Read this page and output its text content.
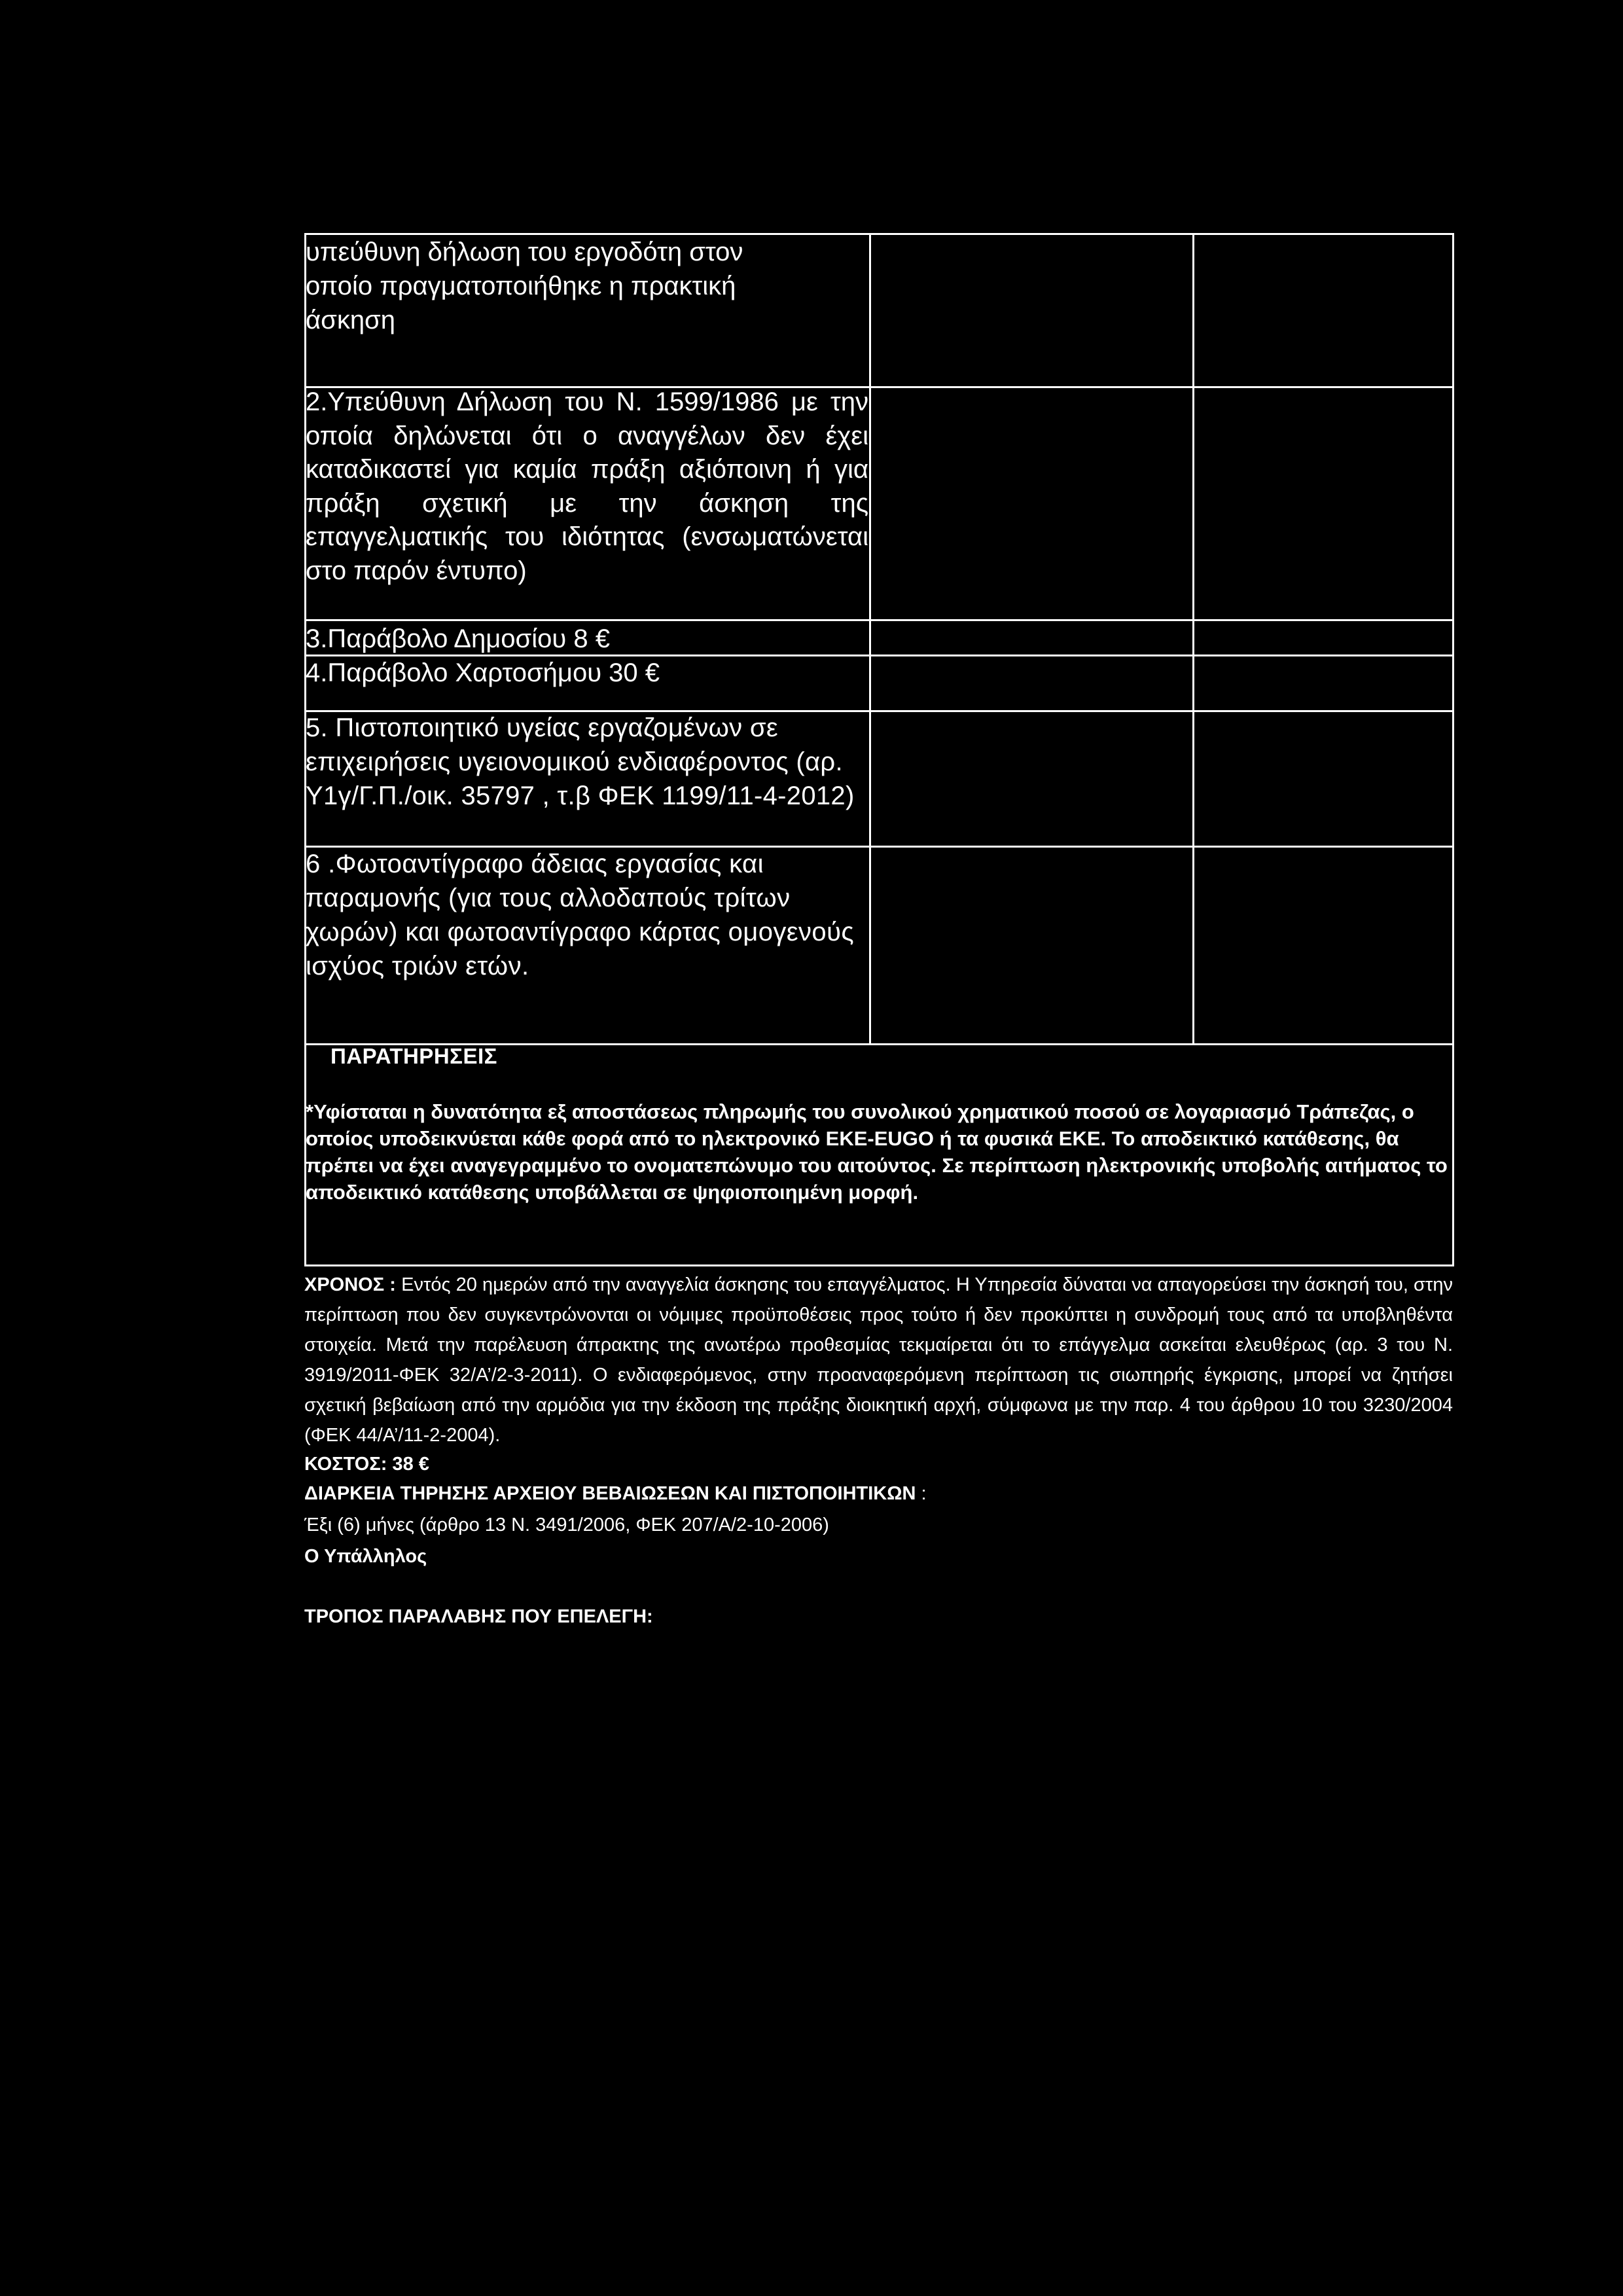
υπεύθυνη δήλωση του εργοδότη στον οποίο πραγματοποιήθηκε η πρακτική άσκηση
2.Υπεύθυνη Δήλωση του Ν. 1599/1986 με την οποία δηλώνεται ότι ο αναγγέλων δεν έχει καταδικαστεί για καμία πράξη αξιόποινη ή για πράξη σχετική με την άσκηση της επαγγελματικής του ιδιότητας (ενσωματώνεται στο παρόν έντυπο)
3.Παράβολο Δημοσίου 8 €
4.Παράβολο Χαρτοσήμου 30 €
5. Πιστοποιητικό υγείας εργαζομένων σε επιχειρήσεις υγειονομικού ενδιαφέροντος (αρ. Υ1γ/Γ.Π./οικ. 35797 , τ.β ΦΕΚ 1199/11-4-2012)
6 .Φωτοαντίγραφο άδειας εργασίας και παραμονής (για τους αλλοδαπούς τρίτων χωρών) και φωτοαντίγραφο κάρτας ομογενούς ισχύος τριών ετών.
ΠΑΡΑΤΗΡΗΣΕΙΣ
*Υφίσταται η δυνατότητα εξ αποστάσεως πληρωμής του συνολικού χρηματικού ποσού σε λογαριασμό Τράπεζας, ο οποίος υποδεικνύεται κάθε φορά από το ηλεκτρονικό ΕΚΕ-EUGO ή τα φυσικά ΕΚΕ. Το αποδεικτικό κατάθεσης, θα πρέπει να έχει αναγεγραμμένο το ονοματεπώνυμο του αιτούντος. Σε περίπτωση ηλεκτρονικής υποβολής αιτήματος το αποδεικτικό κατάθεσης υποβάλλεται σε ψηφιοποιημένη μορφή.

ΧΡΟΝΟΣ : Εντός 20 ημερών από την αναγγελία άσκησης του επαγγέλματος. Η Υπηρεσία δύναται να απαγορεύσει την άσκησή του, στην περίπτωση που δεν συγκεντρώνονται οι νόμιμες προϋποθέσεις προς τούτο ή δεν προκύπτει η συνδρομή τους από τα υποβληθέντα στοιχεία. Μετά την παρέλευση άπρακτης της ανωτέρω προθεσμίας τεκμαίρεται ότι το επάγγελμα ασκείται ελευθέρως (αρ. 3 του Ν. 3919/2011-ΦΕΚ 32/Α’/2-3-2011). Ο ενδιαφερόμενος, στην προαναφερόμενη περίπτωση τις σιωπηρής έγκρισης, μπορεί να ζητήσει σχετική βεβαίωση από την αρμόδια για την έκδοση της πράξης διοικητική αρχή, σύμφωνα με την παρ. 4 του άρθρου 10 του 3230/2004 (ΦΕΚ 44/Α’/11-2-2004).

ΚΟΣΤΟΣ: 38 €

ΔΙΑΡΚΕΙΑ ΤΗΡΗΣΗΣ ΑΡΧΕΙΟΥ ΒΕΒΑΙΩΣΕΩΝ ΚΑΙ ΠΙΣΤΟΠΟΙΗΤΙΚΩΝ :

Έξι (6) μήνες (άρθρο 13 Ν. 3491/2006, ΦΕΚ 207/Α/2-10-2006)

Ο Υπάλληλος

ΤΡΟΠΟΣ ΠΑΡΑΛΑΒΗΣ ΠΟΥ ΕΠΕΛΕΓΗ:
